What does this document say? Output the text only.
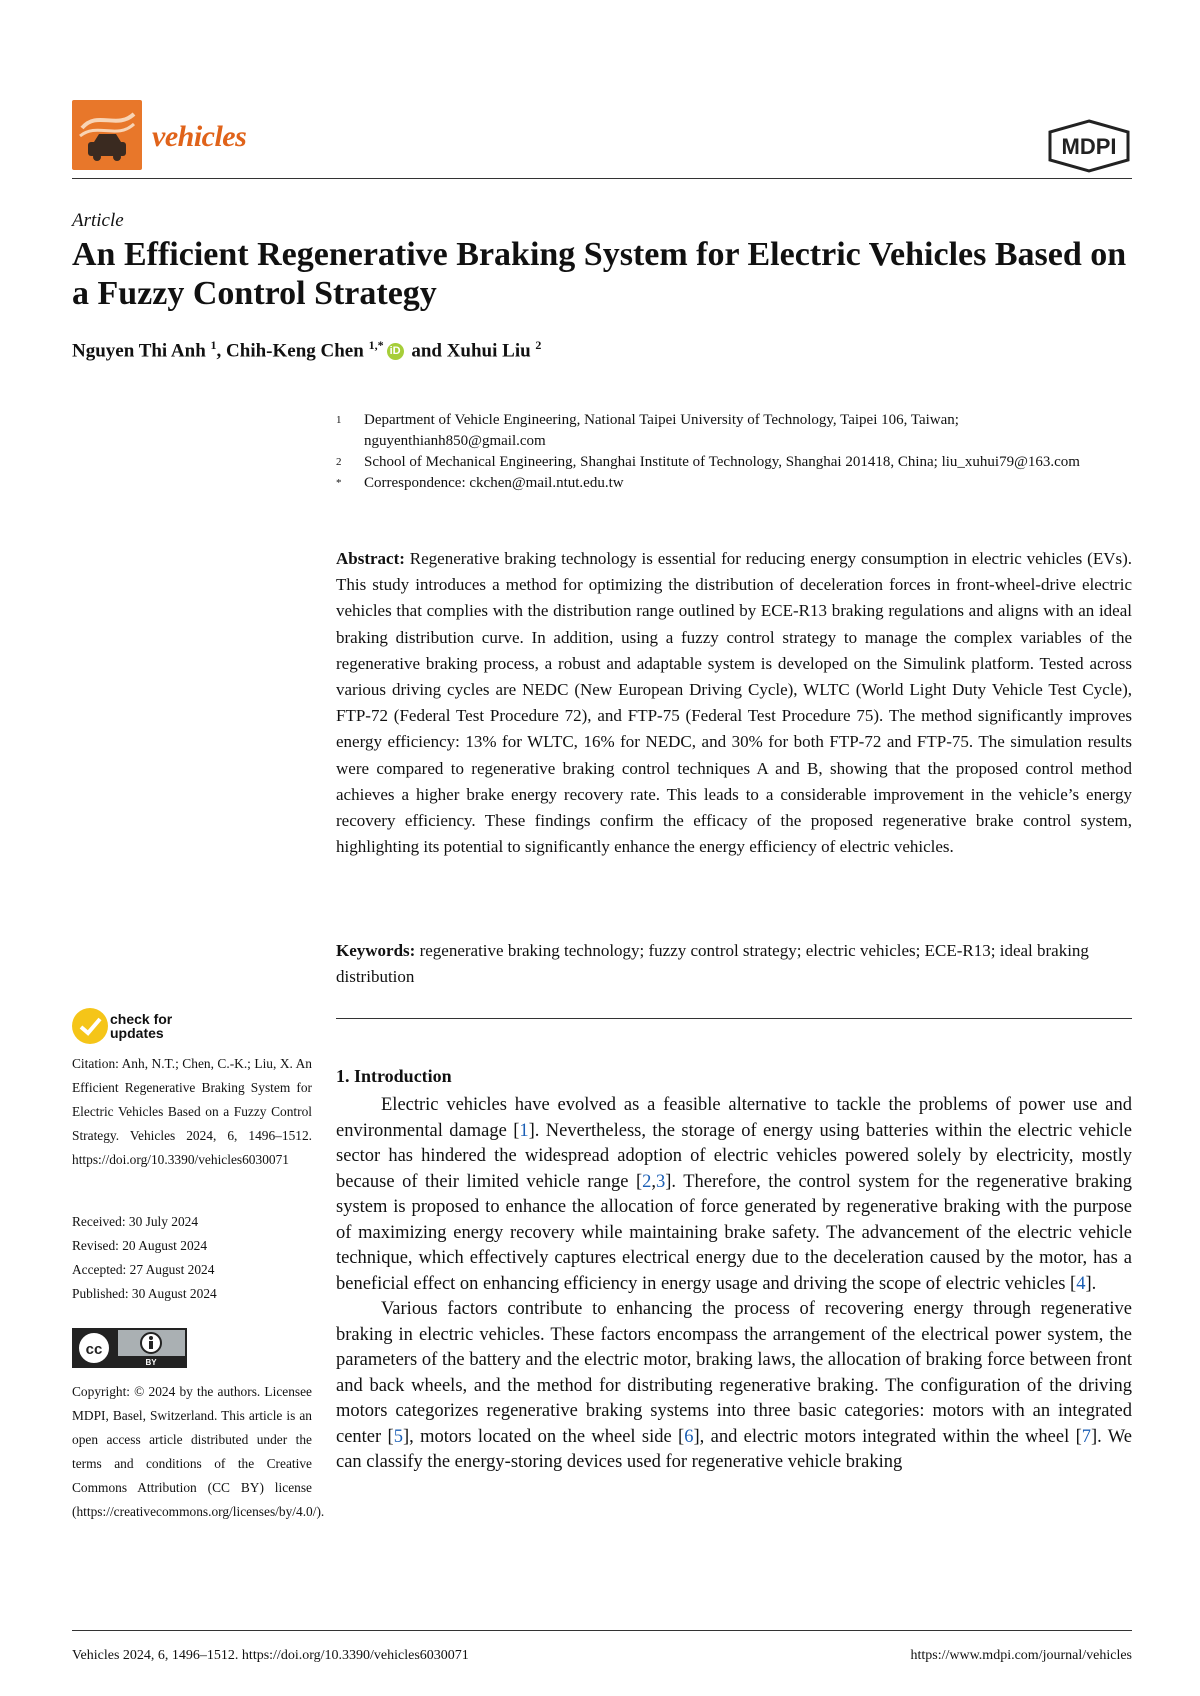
vehicles	MDPI
Article
An Efficient Regenerative Braking System for Electric Vehicles Based on a Fuzzy Control Strategy
Nguyen Thi Anh $^1$, Chih-Keng Chen $^{1,*}$ iD and Xuhui Liu $^2$
1 Department of Vehicle Engineering, National Taipei University of Technology, Taipei 106, Taiwan; nguyenthianh850@gmail.com
2 School of Mechanical Engineering, Shanghai Institute of Technology, Shanghai 201418, China; liu_xuhui79@163.com
* Correspondence: ckchen@mail.ntut.edu.tw
Abstract: Regenerative braking technology is essential for reducing energy consumption in electric vehicles (EVs). This study introduces a method for optimizing the distribution of deceleration forces in front-wheel-drive electric vehicles that complies with the distribution range outlined by ECE-R13 braking regulations and aligns with an ideal braking distribution curve. In addition, using a fuzzy control strategy to manage the complex variables of the regenerative braking process, a robust and adaptable system is developed on the Simulink platform. Tested across various driving cycles are NEDC (New European Driving Cycle), WLTC (World Light Duty Vehicle Test Cycle), FTP-72 (Federal Test Procedure 72), and FTP-75 (Federal Test Procedure 75). The method significantly improves energy efficiency: 13% for WLTC, 16% for NEDC, and 30% for both FTP-72 and FTP-75. The simulation results were compared to regenerative braking control techniques A and B, showing that the proposed control method achieves a higher brake energy recovery rate. This leads to a considerable improvement in the vehicle’s energy recovery efficiency. These findings confirm the efficacy of the proposed regenerative brake control system, highlighting its potential to significantly enhance the energy efficiency of electric vehicles.
Keywords: regenerative braking technology; fuzzy control strategy; electric vehicles; ECE-R13; ideal braking distribution
check for
updates
Citation: Anh, N.T.; Chen, C.-K.; Liu, X. An Efficient Regenerative Braking System for Electric Vehicles Based on a Fuzzy Control Strategy. Vehicles 2024, 6, 1496–1512. https://doi.org/10.3390/vehicles6030071
Received: 30 July 2024
Revised: 20 August 2024
Accepted: 27 August 2024
Published: 30 August 2024
cc
BY
Copyright: © 2024 by the authors. Licensee MDPI, Basel, Switzerland. This article is an open access article distributed under the terms and conditions of the Creative Commons Attribution (CC BY) license (https://creativecommons.org/licenses/by/4.0/).
1. Introduction

Electric vehicles have evolved as a feasible alternative to tackle the problems of power use and environmental damage [1]. Nevertheless, the storage of energy using batteries within the electric vehicle sector has hindered the widespread adoption of electric vehicles powered solely by electricity, mostly because of their limited vehicle range [2,3]. Therefore, the control system for the regenerative braking system is proposed to enhance the allocation of force generated by regenerative braking with the purpose of maximizing energy recovery while maintaining brake safety. The advancement of the electric vehicle technique, which effectively captures electrical energy due to the deceleration caused by the motor, has a beneficial effect on enhancing efficiency in energy usage and driving the scope of electric vehicles [4].

Various factors contribute to enhancing the process of recovering energy through regenerative braking in electric vehicles. These factors encompass the arrangement of the electrical power system, the parameters of the battery and the electric motor, braking laws, the allocation of braking force between front and back wheels, and the method for distributing regenerative braking. The configuration of the driving motors categorizes regenerative braking systems into three basic categories: motors with an integrated center [5], motors located on the wheel side [6], and electric motors integrated within the wheel [7]. We can classify the energy-storing devices used for regenerative vehicle braking

Vehicles 2024, 6, 1496–1512. https://doi.org/10.3390/vehicles6030071	https://www.mdpi.com/journal/vehicles
